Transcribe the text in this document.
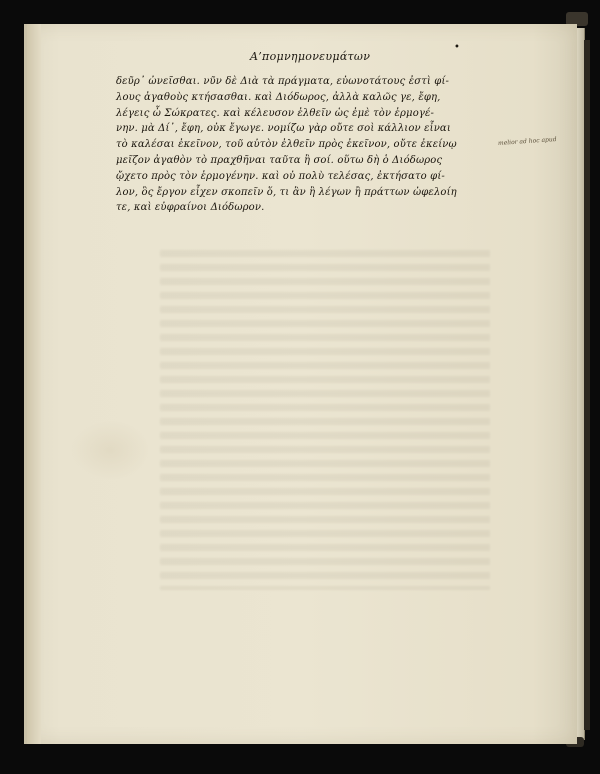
Α’πομνημονευμάτων
•
δεῦρ᾽ ὠνεῖσθαι. νῦν δὲ Διὰ τὰ πράγματα, εὐωνοτάτους ἐστὶ φί-
λους ἀγαθοὺς κτήσασθαι. καὶ Διόδωρος, ἀλλὰ καλῶς γε, ἔφη,
λέγεις ὦ Σώκρατες. καὶ κέλευσον ἐλθεῖν ὡς ἐμὲ τὸν ἑρμογέ-
νην. μὰ Δί᾽, ἔφη, οὐκ ἔγωγε. νομίζω γὰρ οὔτε σοὶ κάλλιον εἶναι
τὸ καλέσαι ἐκεῖνον, τοῦ αὐτὸν ἐλθεῖν πρὸς ἐκεῖνον, οὔτε ἐκείνῳ
μεῖζον ἀγαθὸν τὸ πραχθῆναι ταῦτα ἢ σοί. οὕτω δὴ ὁ Διόδωρος
ᾤχετο πρὸς τὸν ἑρμογένην. καὶ οὐ πολὺ τελέσας, ἐκτήσατο φί-
λον, ὃς ἔργον εἶχεν σκοπεῖν ὅ, τι ἂν ἢ λέγων ἢ πράττων ὠφελοίη
τε, καὶ εὐφραίνοι Διόδωρον.
melior ad hoc apud
